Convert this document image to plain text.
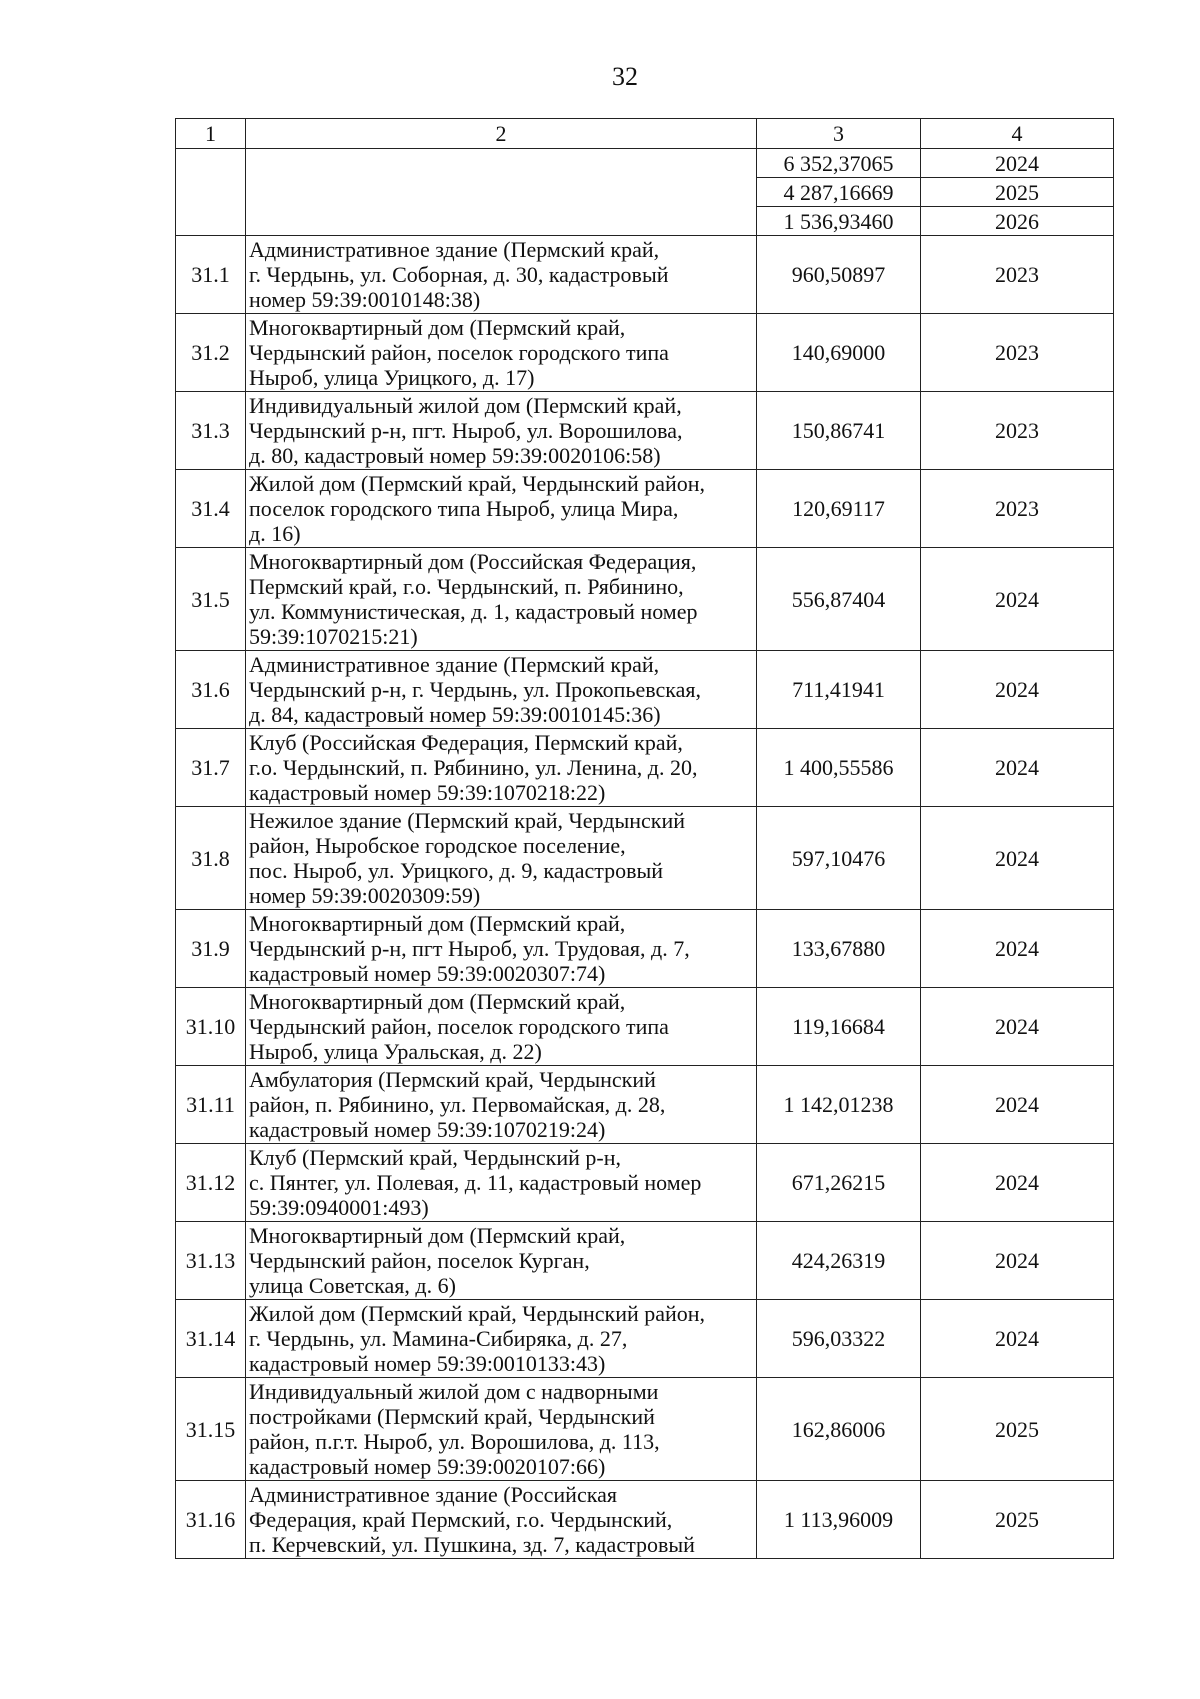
32
1	2	3	4
		6 352,37065	2024
		4 287,16669	2025
		1 536,93460	2026
31.1	Административное здание (Пермский край,
г. Чердынь, ул. Соборная, д. 30, кадастровый
номер 59:39:0010148:38)	960,50897	2023
31.2	Многоквартирный дом (Пермский край,
Чердынский район, поселок городского типа
Ныроб, улица Урицкого, д. 17)	140,69000	2023
31.3	Индивидуальный жилой дом (Пермский край,
Чердынский р-н, пгт. Ныроб, ул. Ворошилова,
д. 80, кадастровый номер 59:39:0020106:58)	150,86741	2023
31.4	Жилой дом (Пермский край, Чердынский район,
поселок городского типа Ныроб, улица Мира,
д. 16)	120,69117	2023
31.5	Многоквартирный дом (Российская Федерация,
Пермский край, г.о. Чердынский, п. Рябинино,
ул. Коммунистическая, д. 1, кадастровый номер
59:39:1070215:21)	556,87404	2024
31.6	Административное здание (Пермский край,
Чердынский р-н, г. Чердынь, ул. Прокопьевская,
д. 84, кадастровый номер 59:39:0010145:36)	711,41941	2024
31.7	Клуб (Российская Федерация, Пермский край,
г.о. Чердынский, п. Рябинино, ул. Ленина, д. 20,
кадастровый номер 59:39:1070218:22)	1 400,55586	2024
31.8	Нежилое здание (Пермский край, Чердынский
район, Ныробское городское поселение,
пос. Ныроб, ул. Урицкого, д. 9, кадастровый
номер 59:39:0020309:59)	597,10476	2024
31.9	Многоквартирный дом (Пермский край,
Чердынский р-н, пгт Ныроб, ул. Трудовая, д. 7,
кадастровый номер 59:39:0020307:74)	133,67880	2024
31.10	Многоквартирный дом (Пермский край,
Чердынский район, поселок городского типа
Ныроб, улица Уральская, д. 22)	119,16684	2024
31.11	Амбулатория (Пермский край, Чердынский
район, п. Рябинино, ул. Первомайская, д. 28,
кадастровый номер 59:39:1070219:24)	1 142,01238	2024
31.12	Клуб (Пермский край, Чердынский р-н,
с. Пянтег, ул. Полевая, д. 11, кадастровый номер
59:39:0940001:493)	671,26215	2024
31.13	Многоквартирный дом (Пермский край,
Чердынский район, поселок Курган,
улица Советская, д. 6)	424,26319	2024
31.14	Жилой дом (Пермский край, Чердынский район,
г. Чердынь, ул. Мамина-Сибиряка, д. 27,
кадастровый номер 59:39:0010133:43)	596,03322	2024
31.15	Индивидуальный жилой дом с надворными
постройками (Пермский край, Чердынский
район, п.г.т. Ныроб, ул. Ворошилова, д. 113,
кадастровый номер 59:39:0020107:66)	162,86006	2025
31.16	Административное здание (Российская
Федерация, край Пермский, г.о. Чердынский,
п. Керчевский, ул. Пушкина, зд. 7, кадастровый	1 113,96009	2025
